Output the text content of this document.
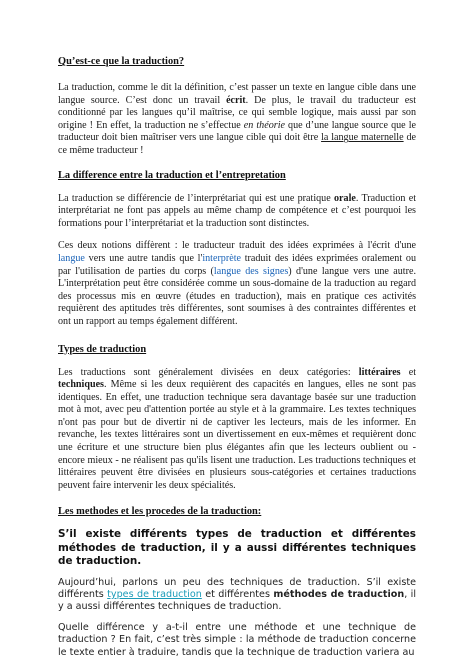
Qu’est-ce que la traduction?

La traduction, comme le dit la définition, c’est passer un texte en langue cible dans une langue source. C’est donc un travail écrit. De plus, le travail du traducteur est conditionné par les langues qu’il maîtrise, ce qui semble logique, mais aussi par son origine ! En effet, la traduction ne s’effectue en théorie que d’une langue source que le traducteur doit bien maîtriser vers une langue cible qui doit être la langue maternelle de ce même traducteur !

La difference entre la traduction et l’entrepretation

La traduction se différencie de l’interprétariat qui est une pratique orale. Traduction et interprétariat ne font pas appels au même champ de compétence et c’est pourquoi les formations pour l’interprétariat et la traduction sont distinctes.

Ces deux notions diffèrent : le traducteur traduit des idées exprimées à l'écrit d'une langue vers une autre tandis que l'interprète traduit des idées exprimées oralement ou par l'utilisation de parties du corps (langue des signes) d'une langue vers une autre. L'interprétation peut être considérée comme un sous-domaine de la traduction au regard des processus mis en œuvre (études en traduction), mais en pratique ces activités requièrent des aptitudes très différentes, sont soumises à des contraintes différentes et ont un rapport au temps également différent.

Types de traduction

Les traductions sont généralement divisées en deux catégories: littéraires et techniques. Même si les deux requièrent des capacités en langues, elles ne sont pas identiques. En effet, une traduction technique sera davantage basée sur une traduction mot à mot, avec peu d'attention portée au style et à la grammaire. Les textes techniques n'ont pas pour but de divertir ni de captiver les lecteurs, mais de les informer. En revanche, les textes littéraires sont un divertissement en eux-mêmes et requièrent donc une écriture et une structure bien plus élégantes afin que les lecteurs oublient ou - encore mieux - ne réalisent pas qu'ils lisent une traduction. Les traductions techniques et littéraires peuvent être divisées en plusieurs sous-catégories et certaines traductions peuvent faire intervenir les deux spécialités.

Les methodes et les procedes de la traduction:

S’il existe différents types de traduction et différentes méthodes de traduction, il y a aussi différentes techniques de traduction.

Aujourd’hui, parlons un peu des techniques de traduction. S’il existe différents types de traduction et différentes méthodes de traduction, il y a aussi différentes techniques de traduction.

Quelle différence y a-t-il entre une méthode et une technique de traduction ? En fait, c’est très simple : la méthode de traduction concerne le texte entier à traduire, tandis que la technique de traduction variera au
